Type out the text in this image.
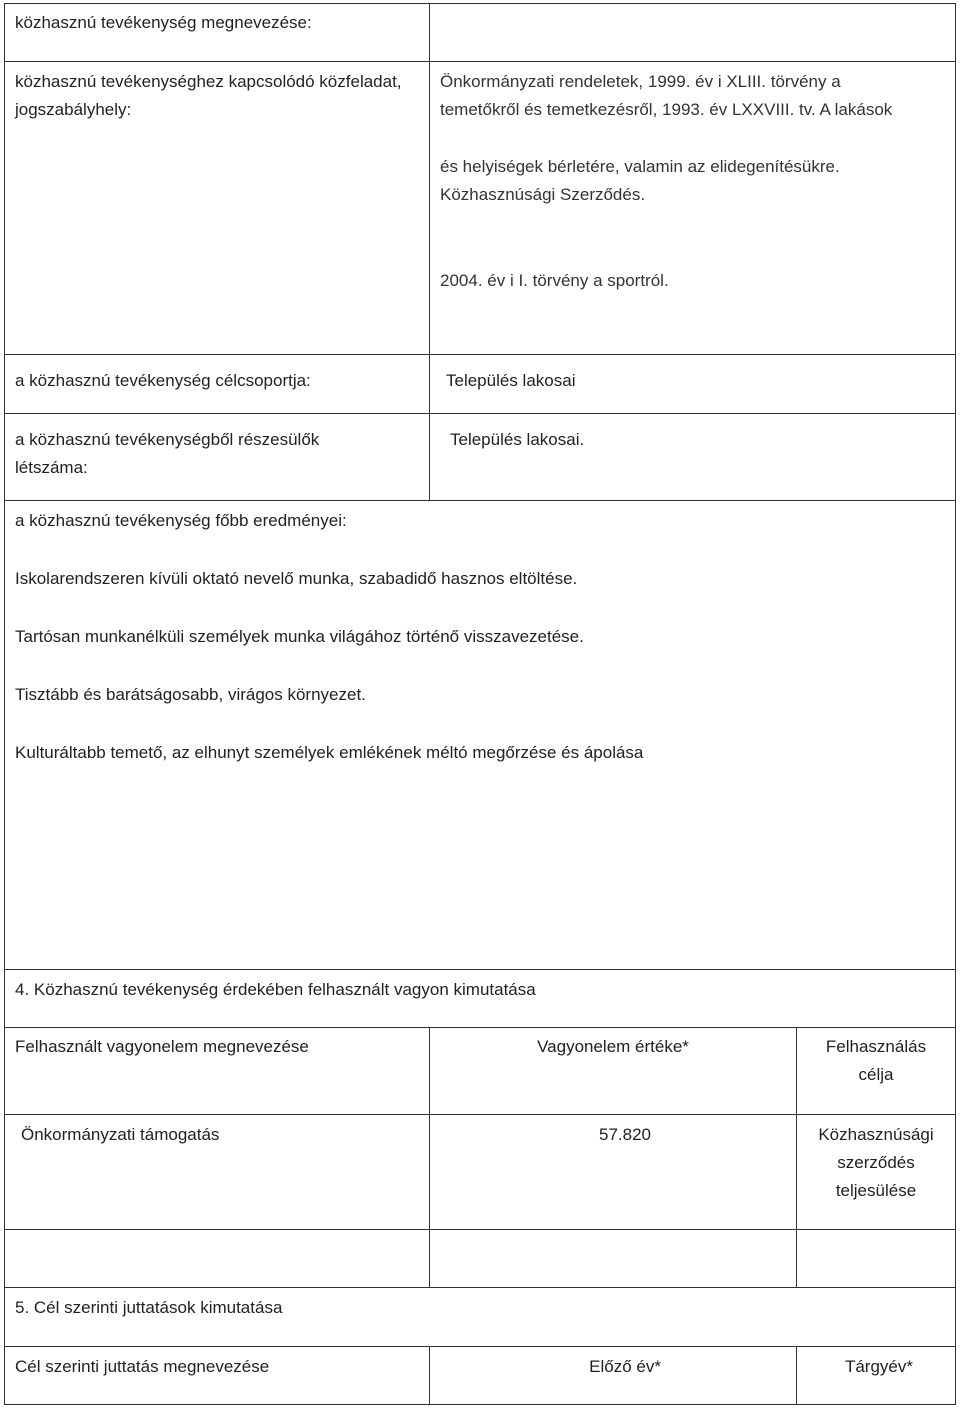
közhasznú tevékenység megnevezése:
közhasznú tevékenységhez kapcsolódó közfeladat, jogszabályhely:
Önkormányzati rendeletek, 1999. év i XLIII. törvény a temetőkről és temetkezésről, 1993. év LXXVIII. tv. A lakások
és helyiségek bérletére, valamin az elidegenítésükre. Közhasznúsági Szerződés.
2004. év i I. törvény a sportról.
a közhasznú tevékenység célcsoportja:	Település lakosai
a közhasznú tevékenységből részesülők létszáma:
Település lakosai.
a közhasznú tevékenység főbb eredményei:
Iskolarendszeren kívüli oktató nevelő munka, szabadidő hasznos eltöltése.
Tartósan munkanélküli személyek munka világához történő visszavezetése.
Tisztább és barátságosabb, virágos környezet.
Kulturáltabb temető, az elhunyt személyek emlékének méltó megőrzése és ápolása
4. Közhasznú tevékenység érdekében felhasznált vagyon kimutatása
Felhasznált vagyonelem megnevezése	Vagyonelem értéke*	Felhasználás célja
Önkormányzati támogatás	57.820	Közhasznúsági szerződés teljesülése
5. Cél szerinti juttatások kimutatása
Cél szerinti juttatás megnevezése	Előző év*	Tárgyév*
